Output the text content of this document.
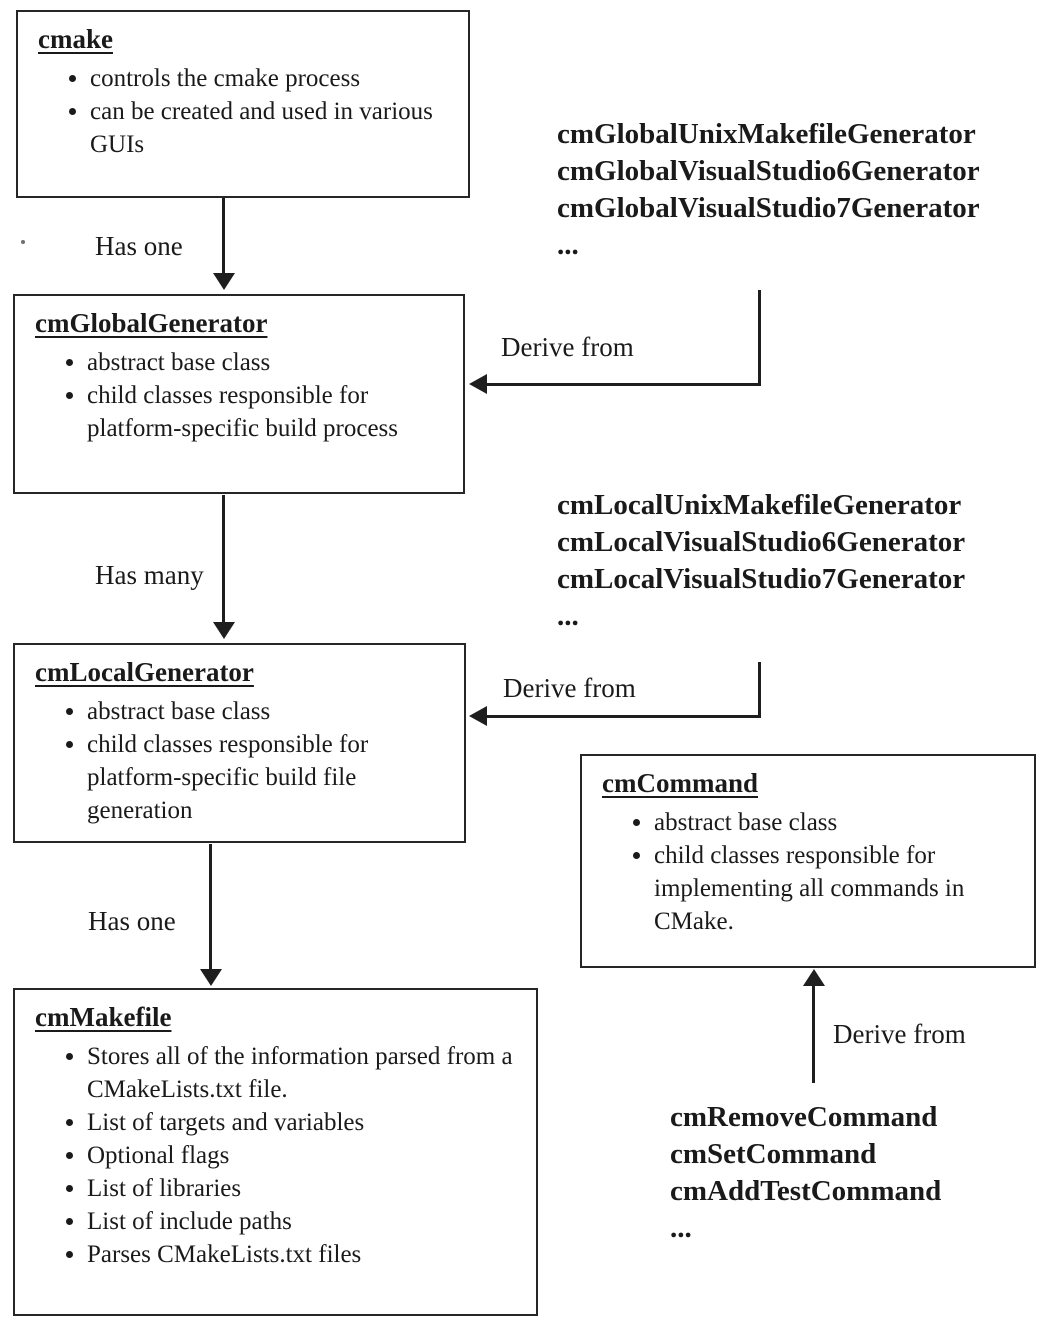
cmake
• controls the cmake process
• can be created and used in various GUIs
Has one
cmGlobalGenerator
• abstract base class
• child classes responsible for platform-specific build process
cmGlobalUnixMakefileGenerator
cmGlobalVisualStudio6Generator
cmGlobalVisualStudio7Generator
...
Derive from
Has many
cmLocalGenerator
• abstract base class
• child classes responsible for platform-specific build file generation
cmLocalUnixMakefileGenerator
cmLocalVisualStudio6Generator
cmLocalVisualStudio7Generator
...
Derive from
Has one
cmMakefile
• Stores all of the information parsed from a CMakeLists.txt file.
• List of targets and variables
• Optional flags
• List of libraries
• List of include paths
• Parses CMakeLists.txt files
cmCommand
• abstract base class
• child classes responsible for implementing all commands in CMake.
Derive from
cmRemoveCommand
cmSetCommand
cmAddTestCommand
...
